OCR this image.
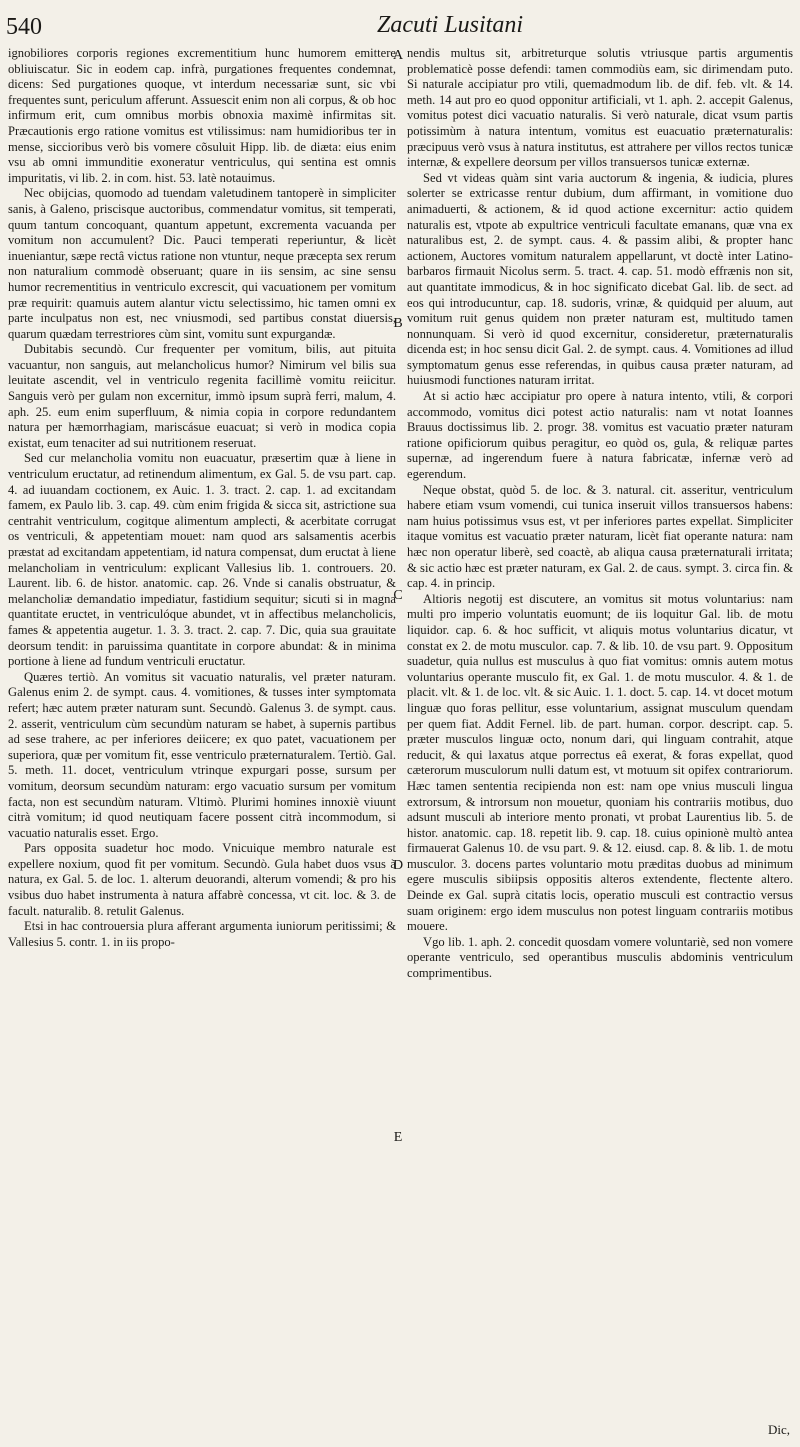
540	Zacuti Lusitani

ignobiliores corporis regiones excrementitium hunc humorem emittere obliuiscatur. Sic in eodem cap. infrà, purgationes frequentes condemnat, dicens: Sed purgationes quoque, vt interdum necessariæ sunt, sic vbi frequentes sunt, periculum afferunt. Assuescit enim non ali corpus, & ob hoc infirmum erit, cum omnibus morbis obnoxia maximè infirmitas sit. Præcautionis ergo ratione vomitus est vtilissimus: nam humidioribus ter in mense, siccioribus verò bis vomere cõsuluit Hipp. lib. de diæta: eius enim vsu ab omni immunditie exoneratur ventriculus, qui sentina est omnis impuritatis, vi lib. 2. in com. hist. 53. latè notauimus.

Nec obijcias, quomodo ad tuendam valetudinem tantoperè in simpliciter sanis, à Galeno, priscisque auctoribus, commendatur vomitus, sit temperati, quum tantum concoquant, quantum appetunt, excrementa vacuanda per vomitum non accumulent? Dic. Pauci temperati reperiuntur, & licèt inueniantur, sæpe rectâ victus ratione non vtuntur, neque præcepta sex rerum non naturalium commodè obseruant; quare in iis sensim, ac sine sensu humor recrementitius in ventriculo excrescit, qui vacuationem per vomitum præ requirit: quamuis autem alantur victu selectissimo, hic tamen omni ex parte inculpatus non est, nec vniusmodi, sed partibus constat diuersis, quarum quædam terrestriores cùm sint, vomitu sunt expurgandæ.

Dubitabis secundò. Cur frequenter per vomitum, bilis, aut pituita vacuantur, non sanguis, aut melancholicus humor? Nimirum vel bilis sua leuitate ascendit, vel in ventriculo regenita facillimè vomitu reiicitur. Sanguis verò per gulam non excernitur, immò ipsum suprà ferri, malum, 4. aph. 25. eum enim superfluum, & nimia copia in corpore redundantem natura per hæmorrhagiam, mariscásue euacuat; si verò in modica copia existat, eum tenaciter ad sui nutritionem reseruat.

Sed cur melancholia vomitu non euacuatur, præsertim quæ à liene in ventriculum eructatur, ad retinendum alimentum, ex Gal. 5. de vsu part. cap. 4. ad iuuandam coctionem, ex Auic. 1. 3. tract. 2. cap. 1. ad excitandam famem, ex Paulo lib. 3. cap. 49. cùm enim frigida & sicca sit, astrictione sua centrahit ventriculum, cogitque alimentum amplecti, & acerbitate corrugat os ventriculi, & appetentiam mouet: nam quod ars salsamentis acerbis præstat ad excitandam appetentiam, id natura compensat, dum eructat à liene melancholiam in ventriculum: explicant Vallesius lib. 1. controuers. 20. Laurent. lib. 6. de histor. anatomic. cap. 26. Vnde si canalis obstruatur, & melancholiæ demandatio impediatur, fastidium sequitur; sicuti si in magna quantitate eructet, in ventriculóque abundet, vt in affectibus melancholicis, fames & appetentia augetur. 1. 3. 3. tract. 2. cap. 7. Dic, quia sua grauitate deorsum tendit: in paruissima quantitate in corpore abundat: & in minima portione à liene ad fundum ventriculi eructatur.

Quæres tertiò. An vomitus sit vacuatio naturalis, vel præter naturam. Galenus enim 2. de sympt. caus. 4. vomitiones, & tusses inter symptomata refert; hæc autem præter naturam sunt. Secundò. Galenus 3. de sympt. caus. 2. asserit, ventriculum cùm secundùm naturam se habet, à supernis partibus ad sese trahere, ac per inferiores deiicere; ex quo patet, vacuationem per superiora, quæ per vomitum fit, esse ventriculo præternaturalem. Tertiò. Gal. 5. meth. 11. docet, ventriculum vtrinque expurgari posse, sursum per vomitum, deorsum secundùm naturam: ergo vacuatio sursum per vomitum facta, non est secundùm naturam. Vltimò. Plurimi homines innoxiè viuunt citrà vomitum; id quod neutiquam facere possent citrà incommodum, si vacuatio naturalis esset. Ergo.

Pars opposita suadetur hoc modo. Vnicuique membro naturale est expellere noxium, quod fit per vomitum. Secundò. Gula habet duos vsus à natura, ex Gal. 5. de loc. 1. alterum deuorandi, alterum vomendi; & pro his vsibus duo habet instrumenta à natura affabrè concessa, vt cit. loc. & 3. de facult. naturalib. 8. retulit Galenus.

Etsi in hac controuersia plura afferant argumenta iuniorum peritissimi; & Vallesius 5. contr. 1. in iis propo-

A
B
C
D
E

nendis multus sit, arbitreturque solutis vtriusque partis argumentis problematicè posse defendi: tamen commodiùs eam, sic dirimendam puto. Si naturale accipiatur pro vtili, quemadmodum lib. de dif. feb. vlt. & 14. meth. 14 aut pro eo quod opponitur artificiali, vt 1. aph. 2. accepit Galenus, vomitus potest dici vacuatio naturalis. Si verò naturale, dicat vsum partis potissimùm à natura intentum, vomitus est euacuatio præternaturalis: præcipuus verò vsus à natura institutus, est attrahere per villos rectos tunicæ internæ, & expellere deorsum per villos transuersos tunicæ externæ.

Sed vt videas quàm sint varia auctorum & ingenia, & iudicia, plures solerter se extricasse rentur dubium, dum affirmant, in vomitione duo animaduerti, & actionem, & id quod actione excernitur: actio quidem naturalis est, vtpote ab expultrice ventriculi facultate emanans, quæ vna ex naturalibus est, 2. de sympt. caus. 4. & passim alibi, & propter hanc actionem, Auctores vomitum naturalem appellarunt, vt doctè inter Latino-barbaros firmauit Nicolus serm. 5. tract. 4. cap. 51. modò effrænis non sit, aut quantitate immodicus, & in hoc significato dicebat Gal. lib. de sect. ad eos qui introducuntur, cap. 18. sudoris, vrinæ, & quidquid per aluum, aut vomitum ruit genus quidem non præter naturam est, multitudo tamen nonnunquam. Si verò id quod excernitur, consideretur, præternaturalis dicenda est; in hoc sensu dicit Gal. 2. de sympt. caus. 4. Vomitiones ad illud symptomatum genus esse referendas, in quibus causa præter naturam, ad huiusmodi functiones naturam irritat.

At si actio hæc accipiatur pro opere à natura intento, vtili, & corpori accommodo, vomitus dici potest actio naturalis: nam vt notat Ioannes Brauus doctissimus lib. 2. progr. 38. vomitus est vacuatio præter naturam ratione opificiorum quibus peragitur, eo quòd os, gula, & reliquæ partes supernæ, ad ingerendum fuere à natura fabricatæ, infernæ verò ad egerendum.

Neque obstat, quòd 5. de loc. & 3. natural. cit. asseritur, ventriculum habere etiam vsum vomendi, cui tunica inseruit villos transuersos habens: nam huius potissimus vsus est, vt per inferiores partes expellat. Simpliciter itaque vomitus est vacuatio præter naturam, licèt fiat operante natura: nam hæc non operatur liberè, sed coactè, ab aliqua causa præternaturali irritata; & sic actio hæc est præter naturam, ex Gal. 2. de caus. sympt. 3. circa fin. & cap. 4. in princip.

Altioris negotij est discutere, an vomitus sit motus voluntarius: nam multi pro imperio voluntatis euomunt; de iis loquitur Gal. lib. de motu liquidor. cap. 6. & hoc sufficit, vt aliquis motus voluntarius dicatur, vt constat ex 2. de motu musculor. cap. 7. & lib. 10. de vsu part. 9. Oppositum suadetur, quia nullus est musculus à quo fiat vomitus: omnis autem motus voluntarius operante musculo fit, ex Gal. 1. de motu musculor. 4. & 1. de placit. vlt. & 1. de loc. vlt. & sic Auic. 1. 1. doct. 5. cap. 14. vt docet motum linguæ quo foras pellitur, esse voluntarium, assignat musculum quendam per quem fiat. Addit Fernel. lib. de part. human. corpor. descript. cap. 5. præter musculos linguæ octo, nonum dari, qui linguam contrahit, atque reducit, & qui laxatus atque porrectus eâ exerat, & foras expellat, quod cæterorum musculorum nulli datum est, vt motuum sit opifex contrariorum. Hæc tamen sententia recipienda non est: nam ope vnius musculi lingua extrorsum, & introrsum non mouetur, quoniam his contrariis motibus, duo adsunt musculi ab interiore mento pronati, vt probat Laurentius lib. 5. de histor. anatomic. cap. 18. repetit lib. 9. cap. 18. cuius opinionè multò antea firmauerat Galenus 10. de vsu part. 9. & 12. eiusd. cap. 8. & lib. 1. de motu musculor. 3. docens partes voluntario motu præditas duobus ad minimum egere musculis sibiipsis oppositis alteros extendente, flectente altero. Deinde ex Gal. suprà citatis locis, operatio musculi est contractio versus suam originem: ergo idem musculus non potest linguam contrariis motibus mouere.

Vgo lib. 1. aph. 2. concedit quosdam vomere voluntariè, sed non vomere operante ventriculo, sed operantibus musculis abdominis ventriculum comprimentibus.

Dic,
